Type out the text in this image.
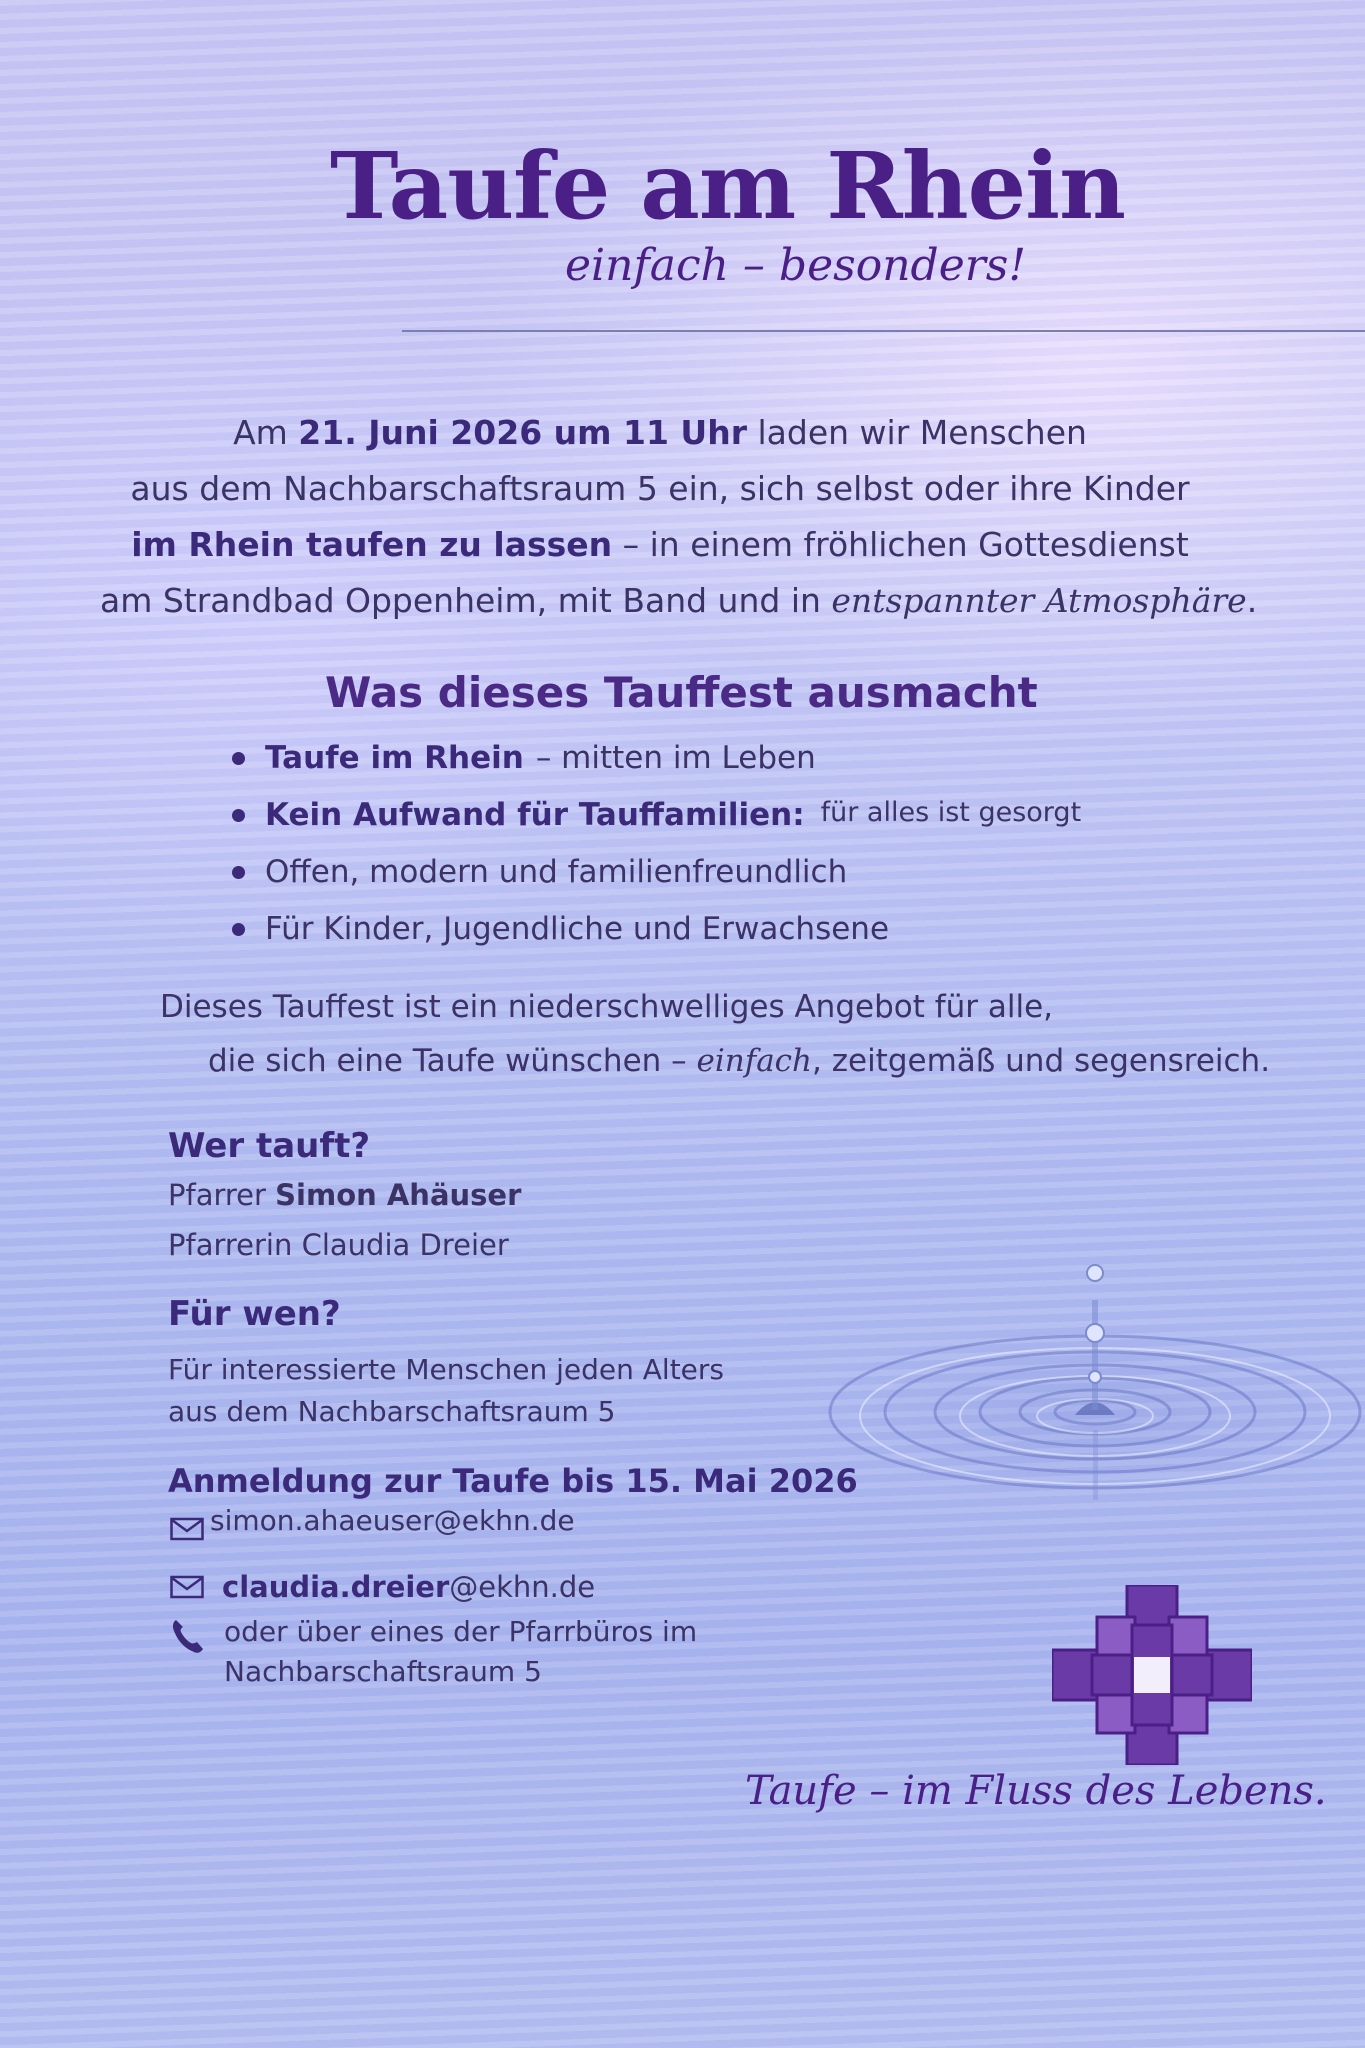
Taufe am Rhein
einfach – besonders!
Am 21. Juni 2026 um 11 Uhr laden wir Menschen
aus dem Nachbarschaftsraum 5 ein, sich selbst oder ihre Kinder
im Rhein taufen zu lassen – in einem fröhlichen Gottesdienst
am Strandbad Oppenheim, mit Band und in entspannter Atmosphäre.
Was dieses Tauffest ausmacht
Taufe im Rhein – mitten im Leben
Kein Aufwand für Tauffamilien: für alles ist gesorgt
Offen, modern und familienfreundlich
Für Kinder, Jugendliche und Erwachsene
Dieses Tauffest ist ein niederschwelliges Angebot für alle,
die sich eine Taufe wünschen – einfach, zeitgemäß und segensreich.
Wer tauft?
Pfarrer Simon Ahäuser
Pfarrerin Claudia Dreier
Für wen?
Für interessierte Menschen jeden Alters
aus dem Nachbarschaftsraum 5
Anmeldung zur Taufe bis 15. Mai 2026
simon.ahaeuser@ekhn.de
claudia.dreier@ekhn.de
oder über eines der Pfarrbüros im
Nachbarschaftsraum 5
Taufe – im Fluss des Lebens.
